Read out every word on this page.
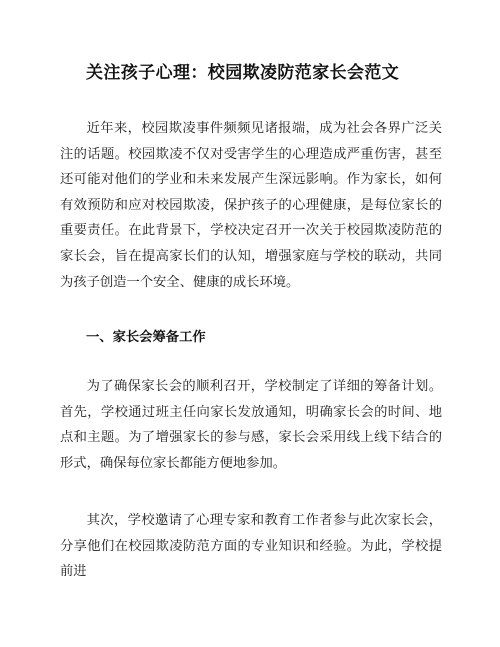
关注孩子心理：校园欺凌防范家长会范文

近年来，校园欺凌事件频频见诸报端，成为社会各界广泛关注的话题。校园欺凌不仅对受害学生的心理造成严重伤害，甚至还可能对他们的学业和未来发展产生深远影响。作为家长，如何有效预防和应对校园欺凌，保护孩子的心理健康，是每位家长的重要责任。在此背景下，学校决定召开一次关于校园欺凌防范的家长会，旨在提高家长们的认知，增强家庭与学校的联动，共同为孩子创造一个安全、健康的成长环境。

一、家长会筹备工作

为了确保家长会的顺利召开，学校制定了详细的筹备计划。首先，学校通过班主任向家长发放通知，明确家长会的时间、地点和主题。为了增强家长的参与感，家长会采用线上线下结合的形式，确保每位家长都能方便地参加。

其次，学校邀请了心理专家和教育工作者参与此次家长会，分享他们在校园欺凌防范方面的专业知识和经验。为此，学校提前进
